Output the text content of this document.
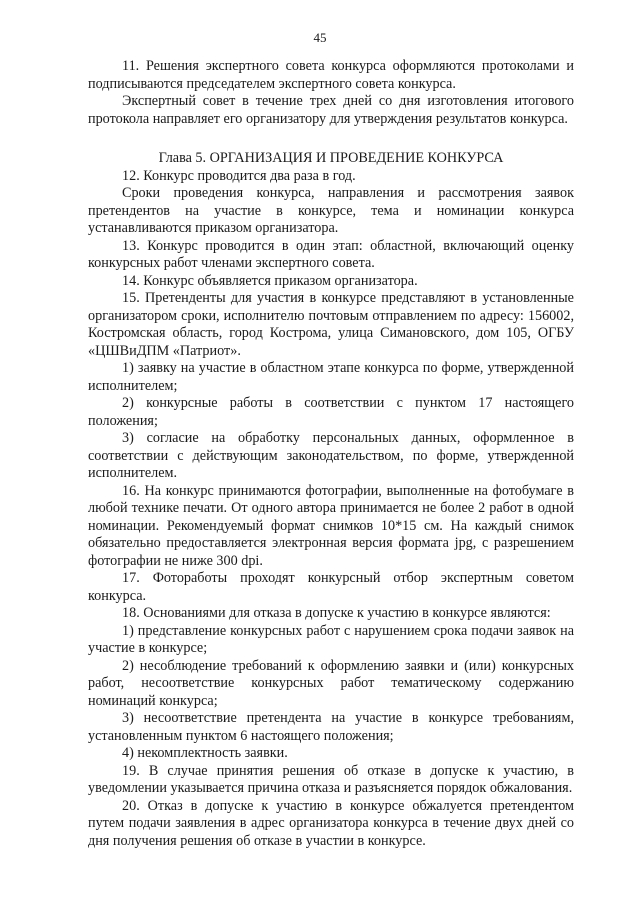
45

11. Решения экспертного совета конкурса оформляются протоколами и подписываются председателем экспертного совета конкурса.

Экспертный совет в течение трех дней со дня изготовления итогового протокола направляет его организатору для утверждения результатов конкурса.

Глава 5. ОРГАНИЗАЦИЯ И ПРОВЕДЕНИЕ КОНКУРСА

12. Конкурс проводится два раза в год.

Сроки проведения конкурса, направления и рассмотрения заявок претендентов на участие в конкурсе, тема и номинации конкурса устанавливаются приказом организатора.

13. Конкурс проводится в один этап: областной, включающий оценку конкурсных работ членами экспертного совета.

14. Конкурс объявляется приказом организатора.

15. Претенденты для участия в конкурсе представляют в установленные организатором сроки, исполнителю почтовым отправлением по адресу: 156002, Костромская область, город Кострома, улица Симановского, дом 105, ОГБУ «ЦШВиДПМ «Патриот».

1) заявку на участие в областном этапе конкурса по форме, утвержденной исполнителем;

2) конкурсные работы в соответствии с пунктом 17 настоящего положения;

3) согласие на обработку персональных данных, оформленное в соответствии с действующим законодательством, по форме, утвержденной исполнителем.

16. На конкурс принимаются фотографии, выполненные на фотобумаге в любой технике печати. От одного автора принимается не более 2 работ в одной номинации. Рекомендуемый формат снимков 10*15 см. На каждый снимок обязательно предоставляется электронная версия формата jpg, с разрешением фотографии не ниже 300 dpi.

17. Фотоработы проходят конкурсный отбор экспертным советом конкурса.

18. Основаниями для отказа в допуске к участию в конкурсе являются:

1) представление конкурсных работ с нарушением срока подачи заявок на участие в конкурсе;

2) несоблюдение требований к оформлению заявки и (или) конкурсных работ, несоответствие конкурсных работ тематическому содержанию номинаций конкурса;

3) несоответствие претендента на участие в конкурсе требованиям, установленным пунктом 6 настоящего положения;

4) некомплектность заявки.

19. В случае принятия решения об отказе в допуске к участию, в уведомлении указывается причина отказа и разъясняется порядок обжалования.

20. Отказ в допуске к участию в конкурсе обжалуется претендентом путем подачи заявления в адрес организатора конкурса в течение двух дней со дня получения решения об отказе в участии в конкурсе.
